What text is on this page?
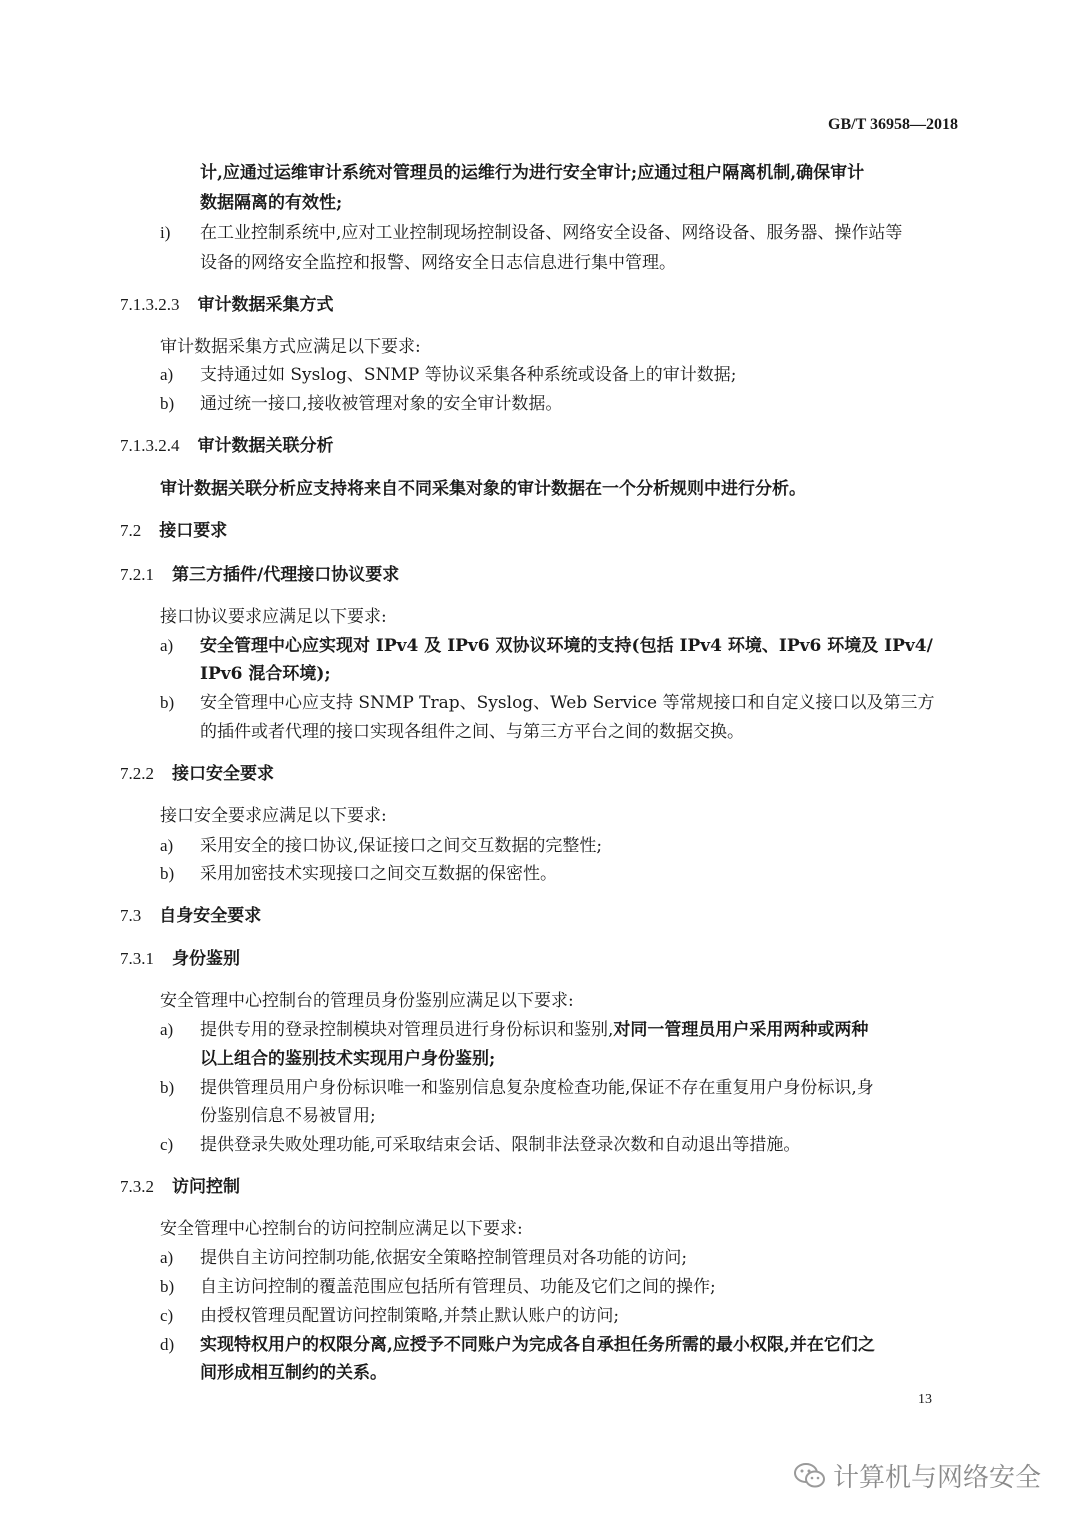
GB/T 36958—2018
计,应通过运维审计系统对管理员的运维行为进行安全审计;应通过租户隔离机制,确保审计
数据隔离的有效性;
i) 在工业控制系统中,应对工业控制现场控制设备、网络安全设备、网络设备、服务器、操作站等
设备的网络安全监控和报警、网络安全日志信息进行集中管理。
7.1.3.2.3 审计数据采集方式
审计数据采集方式应满足以下要求:
a) 支持通过如 Syslog、SNMP 等协议采集各种系统或设备上的审计数据;
b) 通过统一接口,接收被管理对象的安全审计数据。
7.1.3.2.4 审计数据关联分析
审计数据关联分析应支持将来自不同采集对象的审计数据在一个分析规则中进行分析。
7.2 接口要求
7.2.1 第三方插件/代理接口协议要求
接口协议要求应满足以下要求:
a) 安全管理中心应实现对 IPv4 及 IPv6 双协议环境的支持(包括 IPv4 环境、IPv6 环境及 IPv4/
IPv6 混合环境);
b) 安全管理中心应支持 SNMP Trap、Syslog、Web Service 等常规接口和自定义接口以及第三方
的插件或者代理的接口实现各组件之间、与第三方平台之间的数据交换。
7.2.2 接口安全要求
接口安全要求应满足以下要求:
a) 采用安全的接口协议,保证接口之间交互数据的完整性;
b) 采用加密技术实现接口之间交互数据的保密性。
7.3 自身安全要求
7.3.1 身份鉴别
安全管理中心控制台的管理员身份鉴别应满足以下要求:
a) 提供专用的登录控制模块对管理员进行身份标识和鉴别,对同一管理员用户采用两种或两种
以上组合的鉴别技术实现用户身份鉴别;
b) 提供管理员用户身份标识唯一和鉴别信息复杂度检查功能,保证不存在重复用户身份标识,身
份鉴别信息不易被冒用;
c) 提供登录失败处理功能,可采取结束会话、限制非法登录次数和自动退出等措施。
7.3.2 访问控制
安全管理中心控制台的访问控制应满足以下要求:
a) 提供自主访问控制功能,依据安全策略控制管理员对各功能的访问;
b) 自主访问控制的覆盖范围应包括所有管理员、功能及它们之间的操作;
c) 由授权管理员配置访问控制策略,并禁止默认账户的访问;
d) 实现特权用户的权限分离,应授予不同账户为完成各自承担任务所需的最小权限,并在它们之
间形成相互制约的关系。
13
计算机与网络安全
